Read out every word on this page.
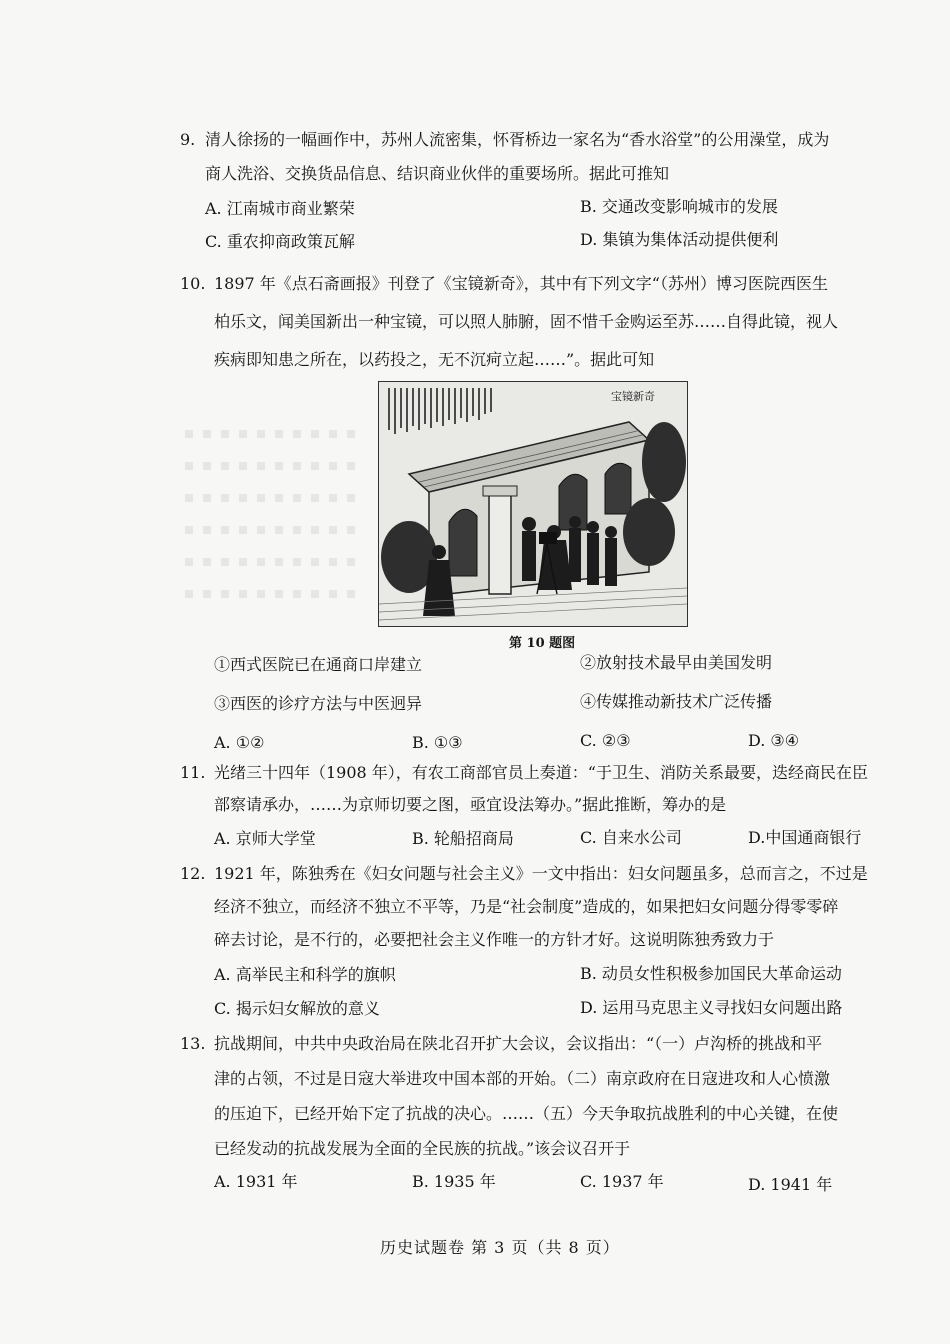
9. 清人徐扬的一幅画作中，苏州人流密集，怀胥桥边一家名为“香水浴堂”的公用澡堂，成为
商人洗浴、交换货品信息、结识商业伙伴的重要场所。据此可推知
A. 江南城市商业繁荣	B. 交通改变影响城市的发展
C. 重农抑商政策瓦解	D. 集镇为集体活动提供便利
10. 1897 年《点石斋画报》刊登了《宝镜新奇》，其中有下列文字“（苏州）博习医院西医生
柏乐文，闻美国新出一种宝镜，可以照人肺腑，固不惜千金购运至苏……自得此镜，视人
疾病即知患之所在，以药投之，无不沉疴立起……”。据此可知
宝镜新奇
第 10 题图
①西式医院已在通商口岸建立	②放射技术最早由美国发明
③西医的诊疗方法与中医迥异	④传媒推动新技术广泛传播
A. ①②	B. ①③	C. ②③	D. ③④
11. 光绪三十四年（1908 年），有农工商部官员上奏道：“于卫生、消防关系最要，迭经商民在臣
部察请承办，……为京师切要之图，亟宜设法筹办。”据此推断，筹办的是
A. 京师大学堂	B. 轮船招商局	C. 自来水公司	D.中国通商银行
12. 1921 年，陈独秀在《妇女问题与社会主义》一文中指出：妇女问题虽多，总而言之，不过是
经济不独立，而经济不独立不平等，乃是“社会制度”造成的，如果把妇女问题分得零零碎
碎去讨论，是不行的，必要把社会主义作唯一的方针才好。这说明陈独秀致力于
A. 高举民主和科学的旗帜	B. 动员女性积极参加国民大革命运动
C. 揭示妇女解放的意义	D. 运用马克思主义寻找妇女问题出路
13. 抗战期间，中共中央政治局在陕北召开扩大会议，会议指出：“（一）卢沟桥的挑战和平
津的占领，不过是日寇大举进攻中国本部的开始。（二）南京政府在日寇进攻和人心愤激
的压迫下，已经开始下定了抗战的决心。……（五）今天争取抗战胜利的中心关键，在使
已经发动的抗战发展为全面的全民族的抗战。”该会议召开于
A. 1931 年	B. 1935 年	C. 1937 年	D. 1941 年
历史试题卷 第 3 页（共 8 页）
